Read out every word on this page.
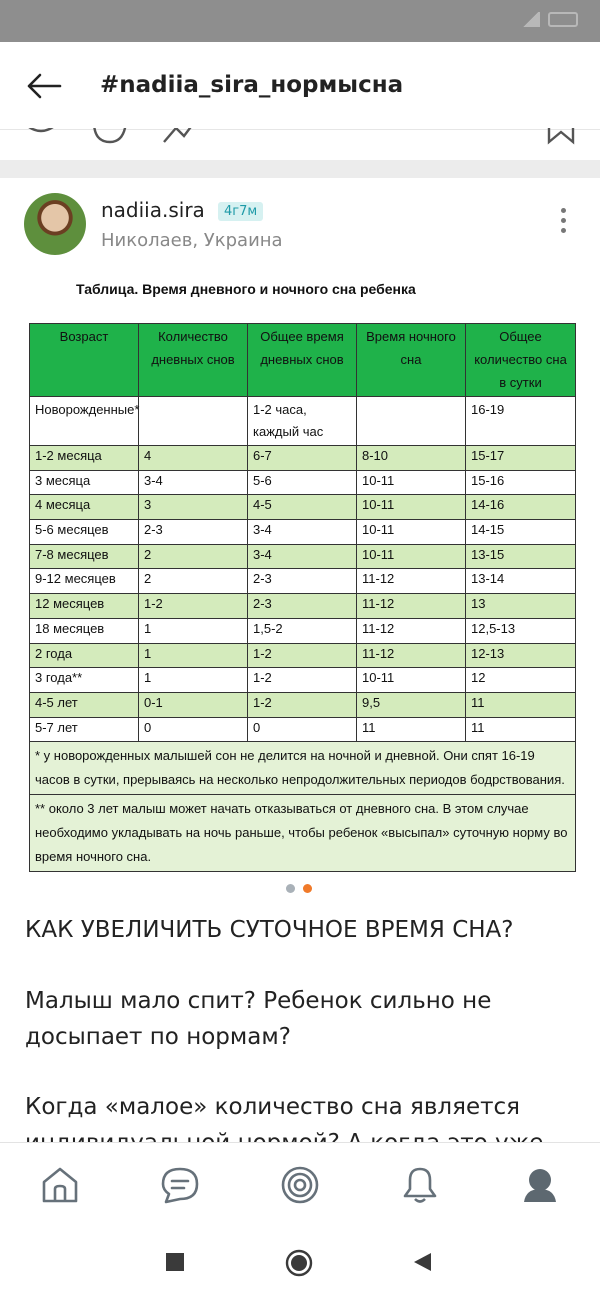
#nadiia_sira_нормысна
nadiia.sira	4г7м
Николаев, Украина
Таблица. Время дневного и ночного сна ребенка
Возраст	Количество дневных снов	Общее время дневных снов	Время ночного сна	Общее количество сна в сутки
Новорожденные*		1-2 часа, каждый час		16-19
1-2 месяца	4	6-7	8-10	15-17
3 месяца	3-4	5-6	10-11	15-16
4 месяца	3	4-5	10-11	14-16
5-6 месяцев	2-3	3-4	10-11	14-15
7-8 месяцев	2	3-4	10-11	13-15
9-12 месяцев	2	2-3	11-12	13-14
12 месяцев	1-2	2-3	11-12	13
18 месяцев	1	1,5-2	11-12	12,5-13
2 года	1	1-2	11-12	12-13
3 года**	1	1-2	10-11	12
4-5 лет	0-1	1-2	9,5	11
5-7 лет	0	0	11	11
* у новорожденных малышей сон не делится на ночной и дневной. Они спят 16-19 часов в сутки, прерываясь на несколько непродолжительных периодов бодрствования.				
** около 3 лет малыш может начать отказываться от дневного сна. В этом случае необходимо укладывать на ночь раньше, чтобы ребенок «высыпал» суточную норму во время ночного сна.				
КАК УВЕЛИЧИТЬ СУТОЧНОЕ ВРЕМЯ СНА?
Малыш мало спит? Ребенок сильно не досыпает по нормам?
Когда «малое» количество сна является
